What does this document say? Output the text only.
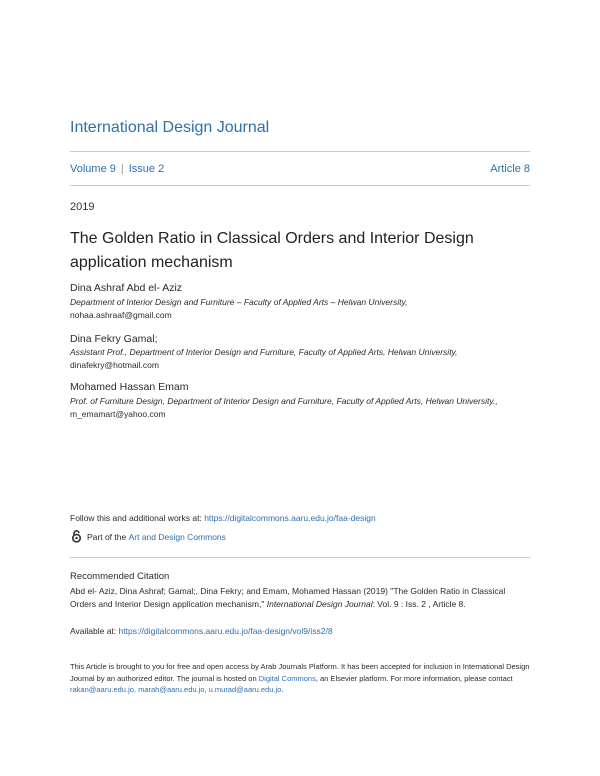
International Design Journal
Volume 9 | Issue 2	Article 8
2019
The Golden Ratio in Classical Orders and Interior Design application mechanism
Dina Ashraf Abd el- Aziz
Department of Interior Design and Furniture – Faculty of Applied Arts – Helwan University,
nohaa.ashraaf@gmail.com
Dina Fekry Gamal;
Assistant Prof., Department of Interior Design and Furniture, Faculty of Applied Arts, Helwan University,
dinafekry@hotmail.com
Mohamed Hassan Emam
Prof. of Furniture Design, Department of Interior Design and Furniture, Faculty of Applied Arts, Helwan University., m_emamart@yahoo.com
Follow this and additional works at: https://digitalcommons.aaru.edu.jo/faa-design
Part of the
Art and Design Commons
Recommended Citation
Abd el- Aziz, Dina Ashraf; Gamal;, Dina Fekry; and Emam, Mohamed Hassan (2019) "The Golden Ratio in Classical Orders and Interior Design application mechanism," International Design Journal: Vol. 9 : Iss. 2 , Article 8.
Available at: https://digitalcommons.aaru.edu.jo/faa-design/vol9/iss2/8
This Article is brought to you for free and open access by Arab Journals Platform. It has been accepted for inclusion in International Design Journal by an authorized editor. The journal is hosted on Digital Commons, an Elsevier platform. For more information, please contact rakan@aaru.edu.jo, marah@aaru.edu.jo, u.murad@aaru.edu.jo.
